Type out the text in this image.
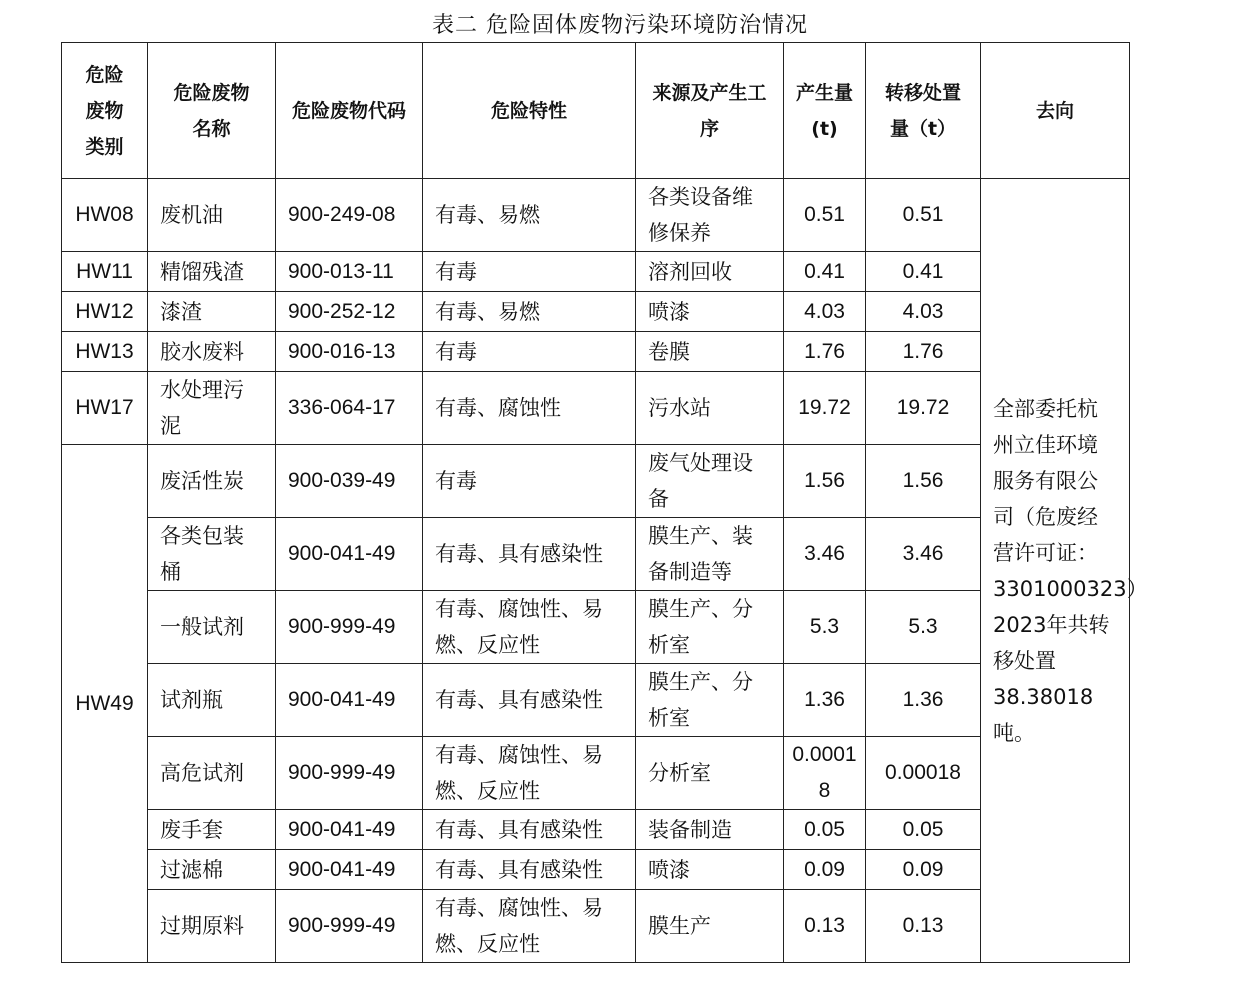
表二 危险固体废物污染环境防治情况
危险废物类别	危险废物名称	危险废物代码	危险特性	来源及产生工序	产生量(t)	转移处置量（t）	去向
HW08	废机油	900-249-08	有毒、易燃	各类设备维修保养	0.51	0.51	全部委托杭州立佳环境服务有限公司（危废经营许可证：3301000323）2023年共转移处置38.38018吨。
HW11	精馏残渣	900-013-11	有毒	溶剂回收	0.41	0.41	
HW12	漆渣	900-252-12	有毒、易燃	喷漆	4.03	4.03	
HW13	胶水废料	900-016-13	有毒	卷膜	1.76	1.76	
HW17	水处理污泥	336-064-17	有毒、腐蚀性	污水站	19.72	19.72	
HW49	废活性炭	900-039-49	有毒	废气处理设备	1.56	1.56	
	各类包装桶	900-041-49	有毒、具有感染性	膜生产、装备制造等	3.46	3.46	
	一般试剂	900-999-49	有毒、腐蚀性、易燃、反应性	膜生产、分析室	5.3	5.3	
	试剂瓶	900-041-49	有毒、具有感染性	膜生产、分析室	1.36	1.36	
	高危试剂	900-999-49	有毒、腐蚀性、易燃、反应性	分析室	0.00018	0.00018	
	废手套	900-041-49	有毒、具有感染性	装备制造	0.05	0.05	
	过滤棉	900-041-49	有毒、具有感染性	喷漆	0.09	0.09	
	过期原料	900-999-49	有毒、腐蚀性、易燃、反应性	膜生产	0.13	0.13	
